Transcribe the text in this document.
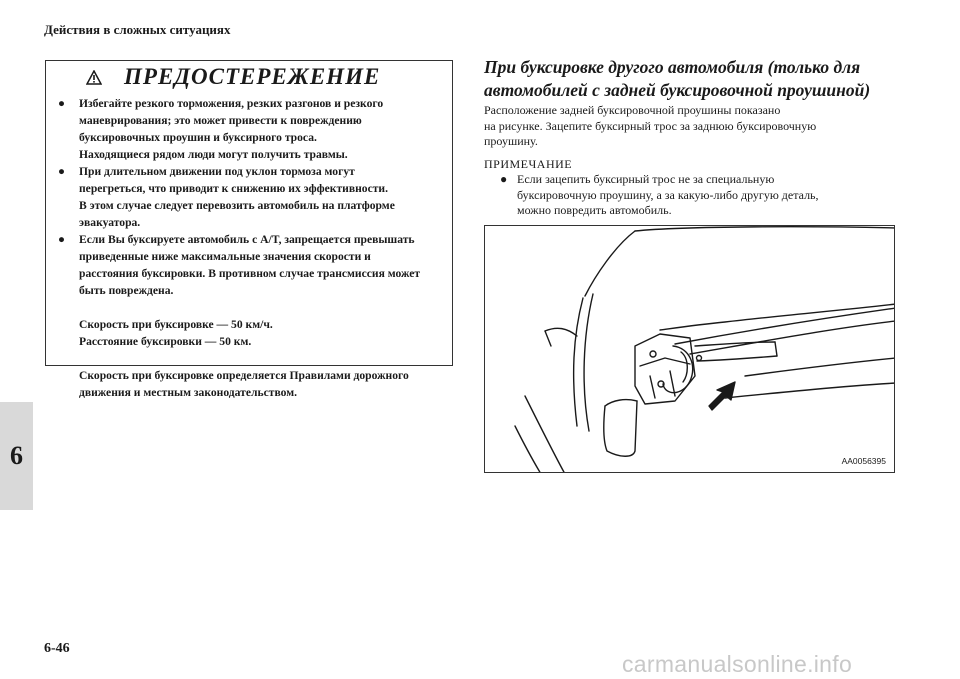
Действия в сложных ситуациях
6
6-46
ПРЕДОСТЕРЕЖЕНИЕ
● Избегайте резкого торможения, резких разгонов и резкого
маневрирования; это может привести к повреждению
буксировочных проушин и буксирного троса.
Находящиеся рядом люди могут получить травмы.
● При длительном движении под уклон тормоза могут
перегреться, что приводит к снижению их эффективности.
В этом случае следует перевозить автомобиль на платформе
эвакуатора.
● Если Вы буксируете автомобиль с A/T, запрещается превышать
приведенные ниже максимальные значения скорости и
расстояния буксировки. В противном случае трансмиссия может
быть повреждена.
Скорость при буксировке — 50 км/ч.
Расстояние буксировки — 50 км.
Скорость при буксировке определяется Правилами дорожного
движения и местным законодательством.
При буксировке другого автомобиля (только для
автомобилей с задней буксировочной проушиной)
Расположение задней буксировочной проушины показано
на рисунке. Зацепите буксирный трос за заднюю буксировочную
проушину.
ПРИМЕЧАНИЕ
● Если зацепить буксирный трос не за специальную
буксировочную проушину, а за какую-либо другую деталь,
можно повредить автомобиль.
AA0056395
carmanualsonline.info
